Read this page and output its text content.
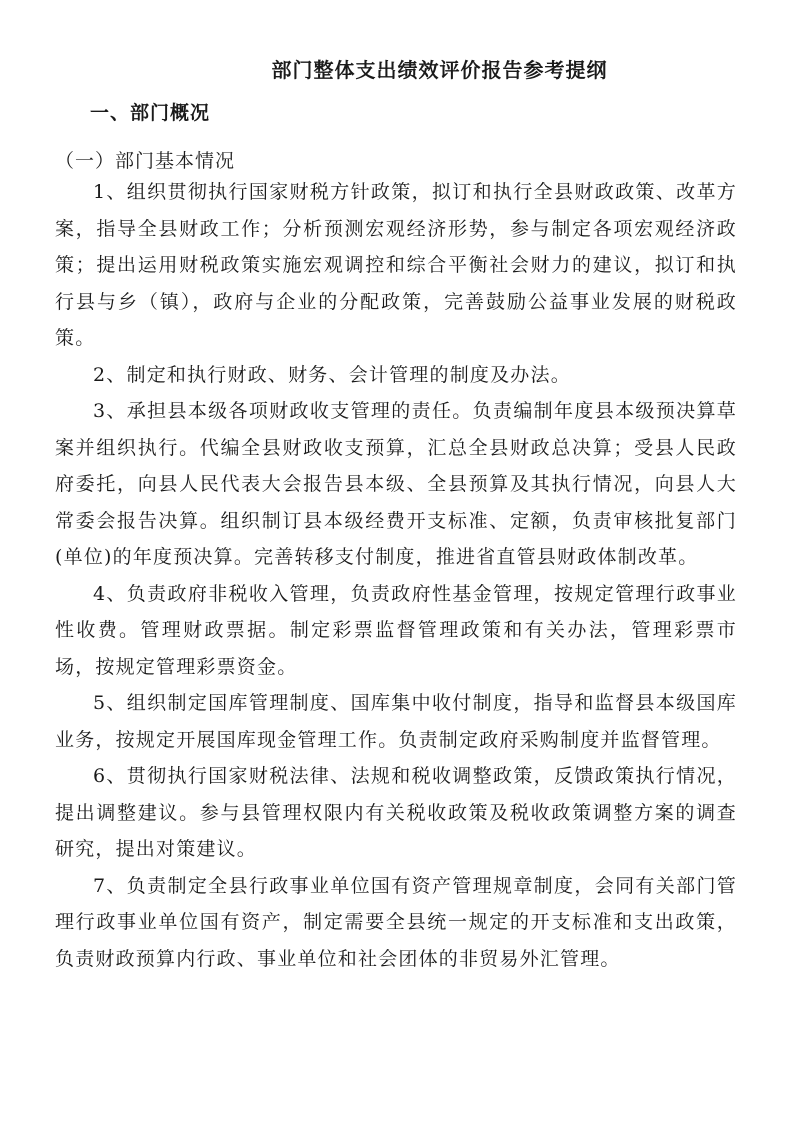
部门整体支出绩效评价报告参考提纲
一、部门概况
（一）部门基本情况

1、组织贯彻执行国家财税方针政策，拟订和执行全县财政政策、改革方案，指导全县财政工作；分析预测宏观经济形势，参与制定各项宏观经济政策；提出运用财税政策实施宏观调控和综合平衡社会财力的建议，拟订和执行县与乡（镇），政府与企业的分配政策，完善鼓励公益事业发展的财税政策。

2、制定和执行财政、财务、会计管理的制度及办法。

3、承担县本级各项财政收支管理的责任。负责编制年度县本级预决算草案并组织执行。代编全县财政收支预算，汇总全县财政总决算；受县人民政府委托，向县人民代表大会报告县本级、全县预算及其执行情况，向县人大常委会报告决算。组织制订县本级经费开支标准、定额，负责审核批复部门(单位)的年度预决算。完善转移支付制度，推进省直管县财政体制改革。

4、负责政府非税收入管理，负责政府性基金管理，按规定管理行政事业性收费。管理财政票据。制定彩票监督管理政策和有关办法，管理彩票市场，按规定管理彩票资金。

5、组织制定国库管理制度、国库集中收付制度，指导和监督县本级国库业务，按规定开展国库现金管理工作。负责制定政府采购制度并监督管理。

6、贯彻执行国家财税法律、法规和税收调整政策，反馈政策执行情况，提出调整建议。参与县管理权限内有关税收政策及税收政策调整方案的调查研究，提出对策建议。

7、负责制定全县行政事业单位国有资产管理规章制度，会同有关部门管理行政事业单位国有资产，制定需要全县统一规定的开支标准和支出政策，负责财政预算内行政、事业单位和社会团体的非贸易外汇管理。
